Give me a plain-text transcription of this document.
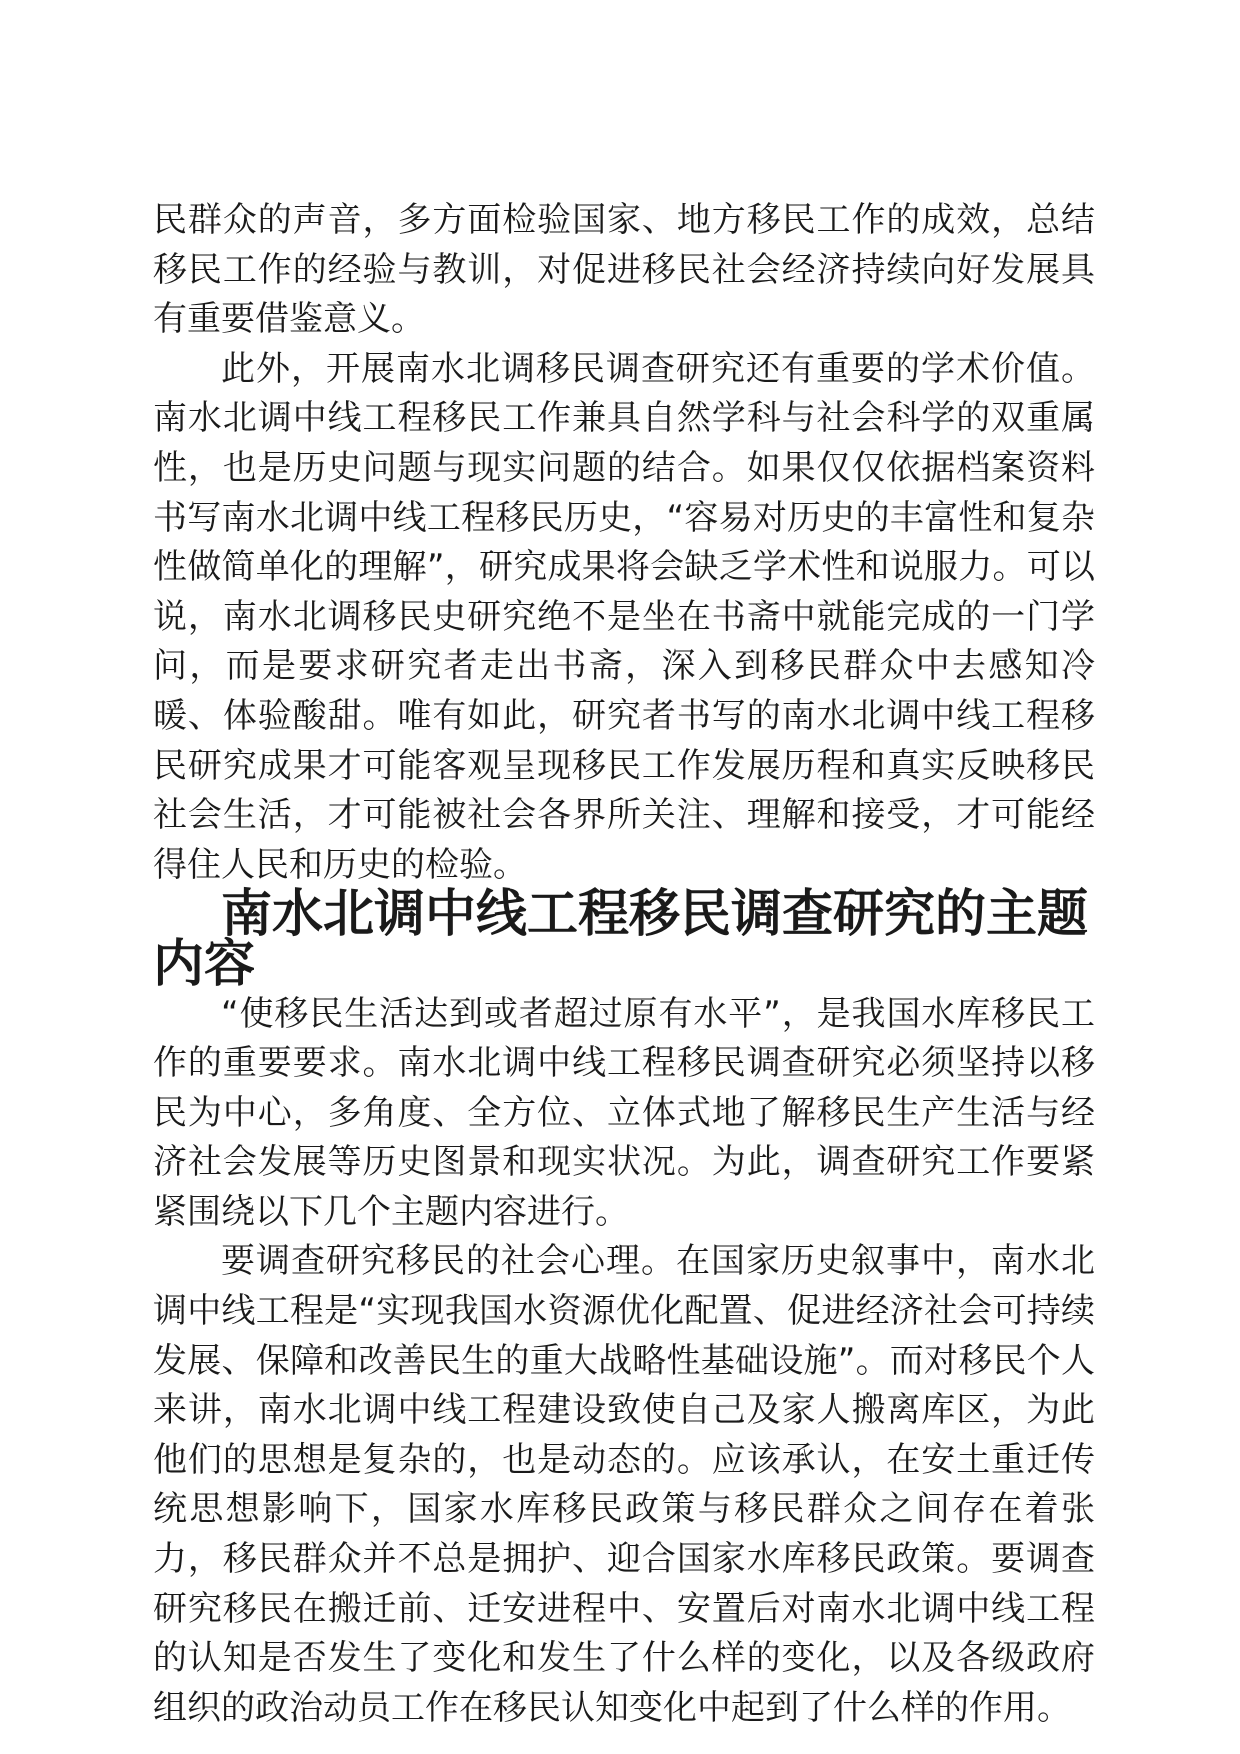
民群众的声音，多方面检验国家、地方移民工作的成效，总结移民工作的经验与教训，对促进移民社会经济持续向好发展具有重要借鉴意义。

此外，开展南水北调移民调查研究还有重要的学术价值。南水北调中线工程移民工作兼具自然学科与社会科学的双重属性，也是历史问题与现实问题的结合。如果仅仅依据档案资料书写南水北调中线工程移民历史，“容易对历史的丰富性和复杂性做简单化的理解”，研究成果将会缺乏学术性和说服力。可以说，南水北调移民史研究绝不是坐在书斋中就能完成的一门学问，而是要求研究者走出书斋，深入到移民群众中去感知冷暖、体验酸甜。唯有如此，研究者书写的南水北调中线工程移民研究成果才可能客观呈现移民工作发展历程和真实反映移民社会生活，才可能被社会各界所关注、理解和接受，才可能经得住人民和历史的检验。

南水北调中线工程移民调查研究的主题内容

“使移民生活达到或者超过原有水平”，是我国水库移民工作的重要要求。南水北调中线工程移民调查研究必须坚持以移民为中心，多角度、全方位、立体式地了解移民生产生活与经济社会发展等历史图景和现实状况。为此，调查研究工作要紧紧围绕以下几个主题内容进行。

要调查研究移民的社会心理。在国家历史叙事中，南水北调中线工程是“实现我国水资源优化配置、促进经济社会可持续发展、保障和改善民生的重大战略性基础设施”。而对移民个人来讲，南水北调中线工程建设致使自己及家人搬离库区，为此他们的思想是复杂的，也是动态的。应该承认，在安土重迁传统思想影响下，国家水库移民政策与移民群众之间存在着张力，移民群众并不总是拥护、迎合国家水库移民政策。要调查研究移民在搬迁前、迁安进程中、安置后对南水北调中线工程的认知是否发生了变化和发生了什么样的变化，以及各级政府组织的政治动员工作在移民认知变化中起到了什么样的作用。
